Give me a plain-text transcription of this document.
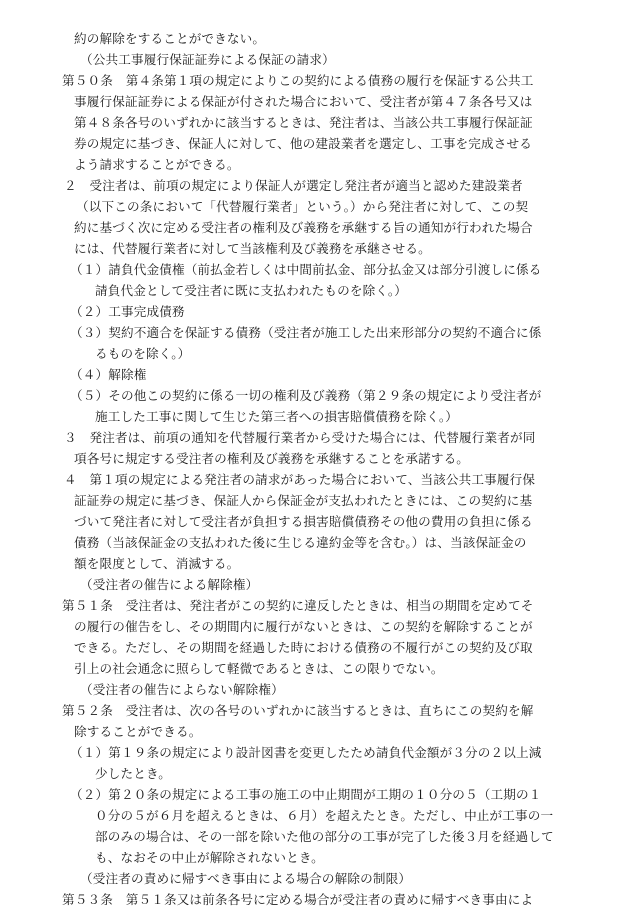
約の解除をすることができない。
（公共工事履行保証証券による保証の請求）
第５０条　第４条第１項の規定によりこの契約による債務の履行を保証する公共工
事履行保証証券による保証が付された場合において、受注者が第４７条各号又は
第４８条各号のいずれかに該当するときは、発注者は、当該公共工事履行保証証
券の規定に基づき、保証人に対して、他の建設業者を選定し、工事を完成させる
よう請求することができる。
２　受注者は、前項の規定により保証人が選定し発注者が適当と認めた建設業者
（以下この条において「代替履行業者」という。）から発注者に対して、この契
約に基づく次に定める受注者の権利及び義務を承継する旨の通知が行われた場合
には、代替履行業者に対して当該権利及び義務を承継させる。
（１）請負代金債権（前払金若しくは中間前払金、部分払金又は部分引渡しに係る
請負代金として受注者に既に支払われたものを除く。）
（２）工事完成債務
（３）契約不適合を保証する債務（受注者が施工した出来形部分の契約不適合に係
るものを除く。）
（４）解除権
（５）その他この契約に係る一切の権利及び義務（第２９条の規定により受注者が
施工した工事に関して生じた第三者への損害賠償債務を除く。）
３　発注者は、前項の通知を代替履行業者から受けた場合には、代替履行業者が同
項各号に規定する受注者の権利及び義務を承継することを承諾する。
４　第１項の規定による発注者の請求があった場合において、当該公共工事履行保
証証券の規定に基づき、保証人から保証金が支払われたときには、この契約に基
づいて発注者に対して受注者が負担する損害賠償債務その他の費用の負担に係る
債務（当該保証金の支払われた後に生じる違約金等を含む。）は、当該保証金の
額を限度として、消滅する。
（受注者の催告による解除権）
第５１条　受注者は、発注者がこの契約に違反したときは、相当の期間を定めてそ
の履行の催告をし、その期間内に履行がないときは、この契約を解除することが
できる。ただし、その期間を経過した時における債務の不履行がこの契約及び取
引上の社会通念に照らして軽微であるときは、この限りでない。
（受注者の催告によらない解除権）
第５２条　受注者は、次の各号のいずれかに該当するときは、直ちにこの契約を解
除することができる。
（１）第１９条の規定により設計図書を変更したため請負代金額が３分の２以上減
少したとき。
（２）第２０条の規定による工事の施工の中止期間が工期の１０分の５（工期の１
０分の５が６月を超えるときは、６月）を超えたとき。ただし、中止が工事の一
部のみの場合は、その一部を除いた他の部分の工事が完了した後３月を経過して
も、なおその中止が解除されないとき。
（受注者の責めに帰すべき事由による場合の解除の制限）
第５３条　第５１条又は前条各号に定める場合が受注者の責めに帰すべき事由によ
